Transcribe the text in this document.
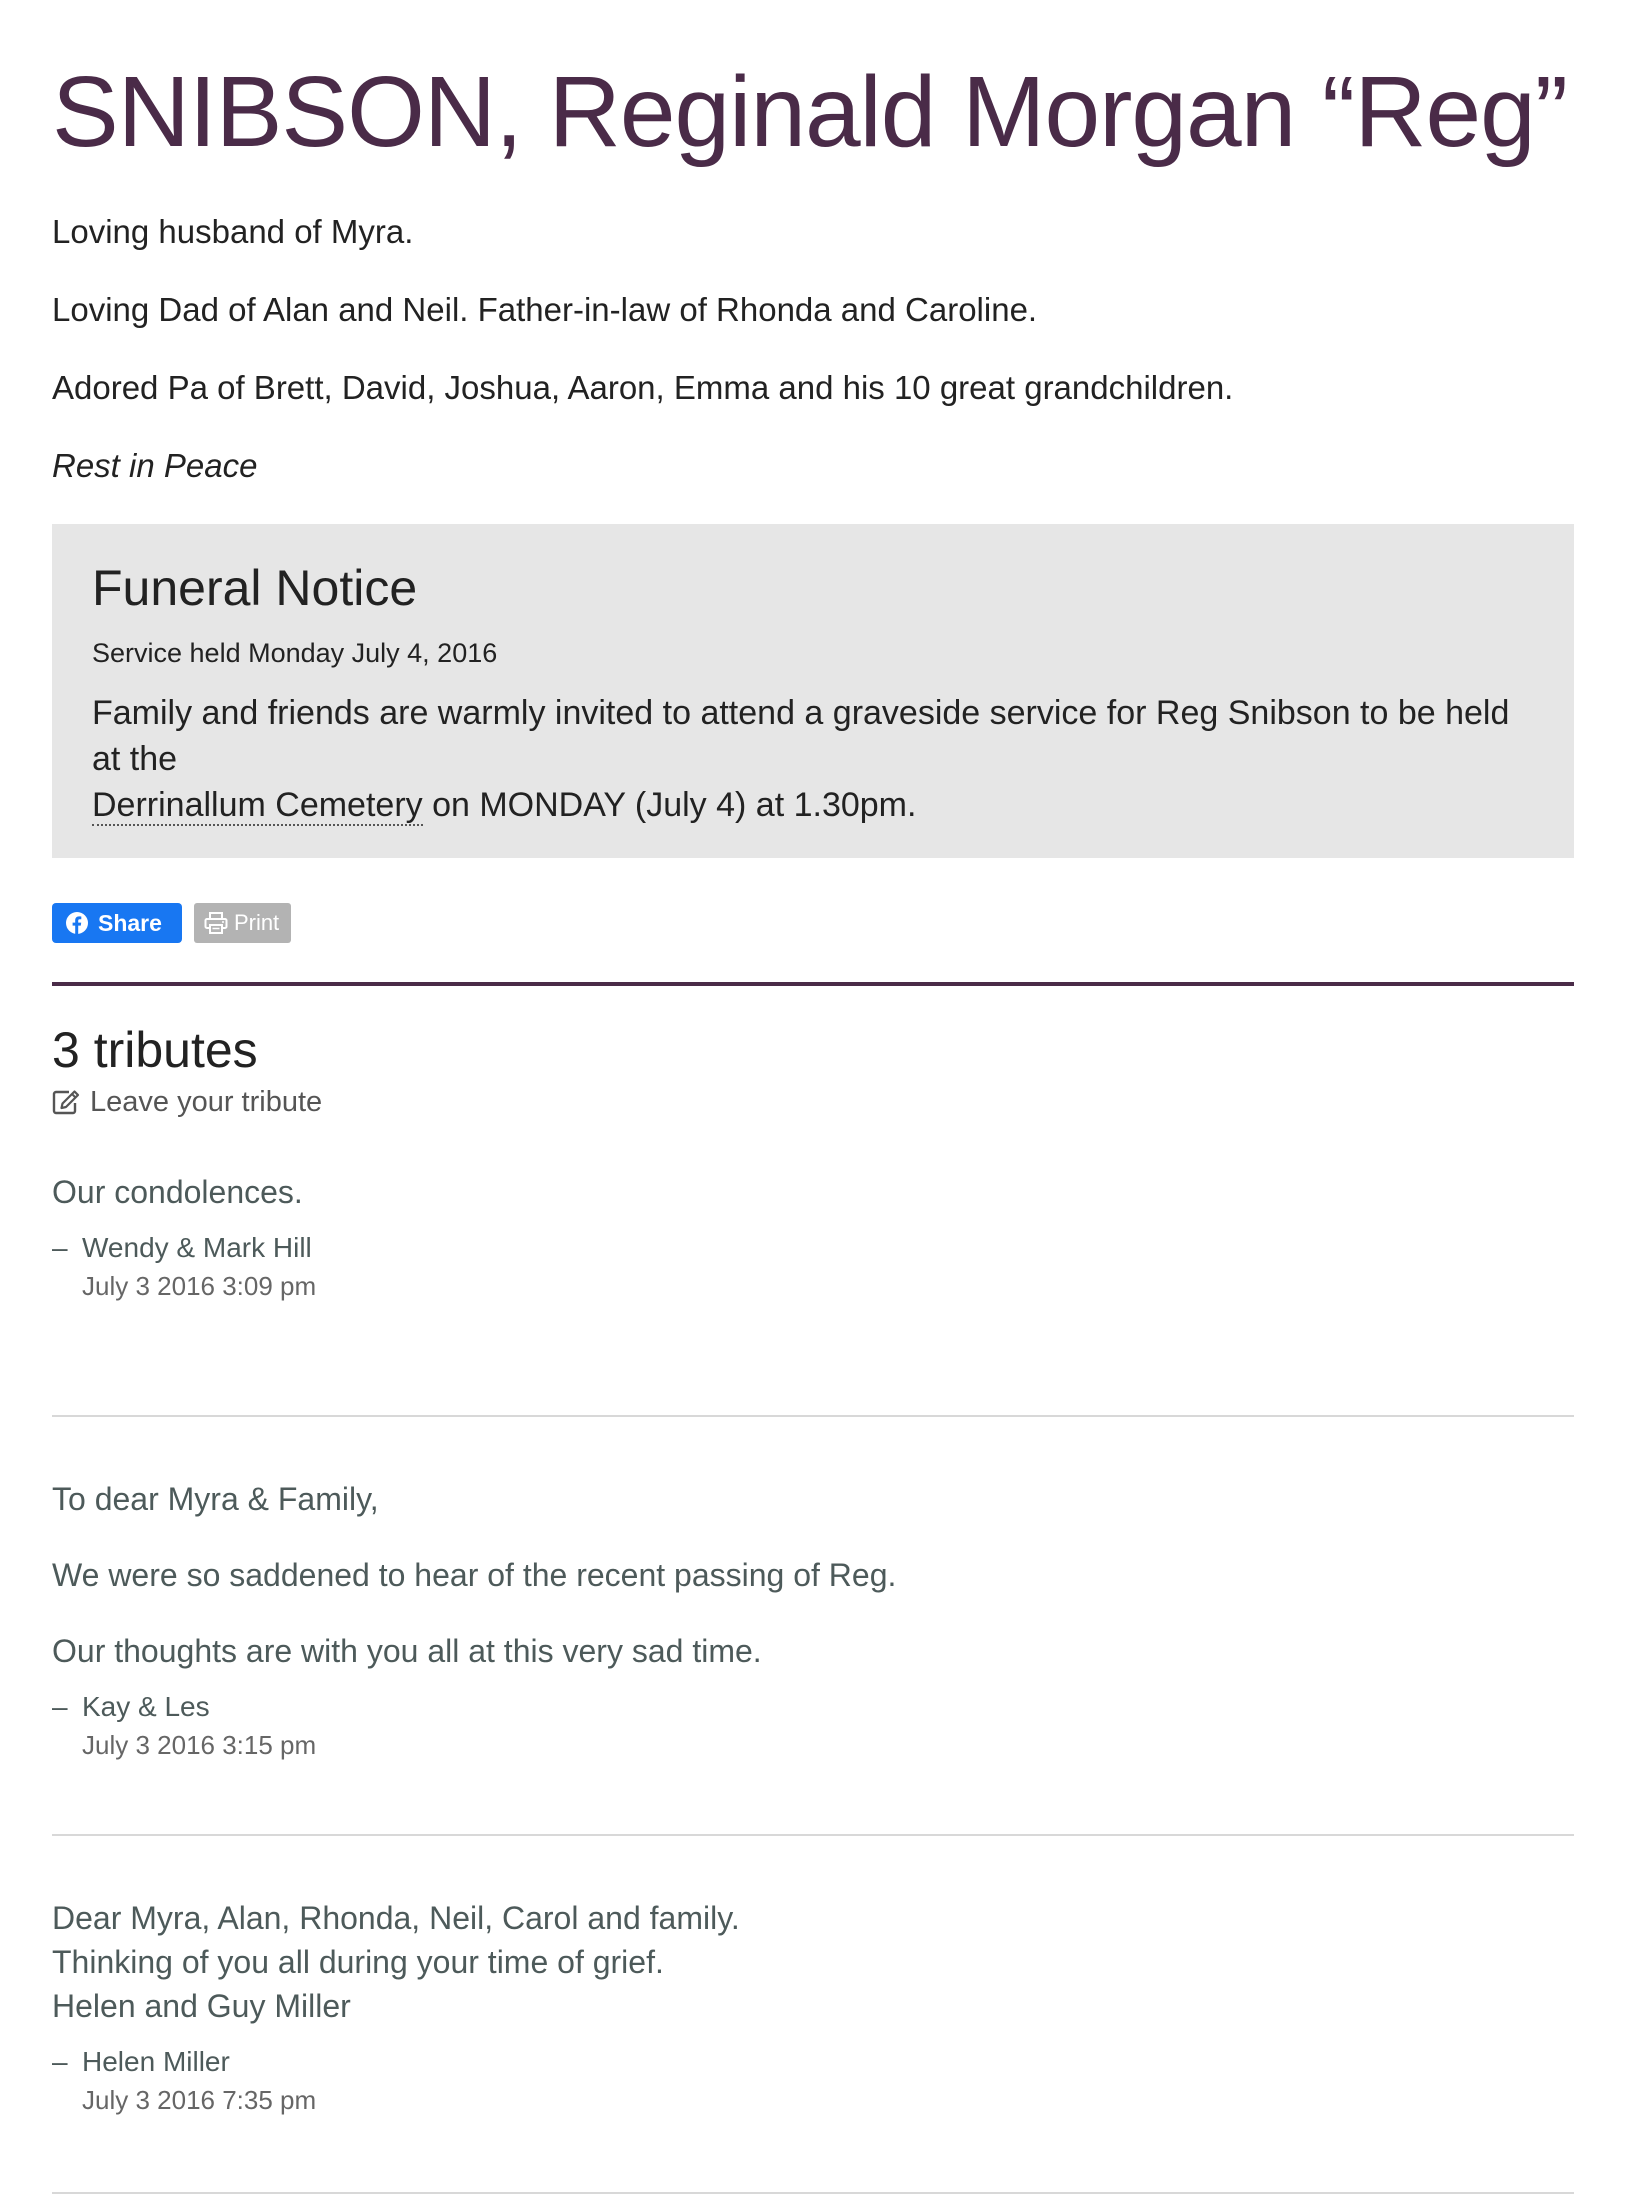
SNIBSON, Reginald Morgan “Reg”

Loving husband of Myra.

Loving Dad of Alan and Neil. Father-in-law of Rhonda and Caroline.

Adored Pa of Brett, David, Joshua, Aaron, Emma and his 10 great grandchildren.

Rest in Peace

Funeral Notice

Service held Monday July 4, 2016

Family and friends are warmly invited to attend a graveside service for Reg Snibson to be held at the
Derrinallum Cemetery on MONDAY (July 4) at 1.30pm.

Share	Print
3 tributes
Leave your tribute

Our condolences.

– Wendy & Mark Hill
July 3 2016 3:09 pm

To dear Myra & Family,

We were so saddened to hear of the recent passing of Reg.

Our thoughts are with you all at this very sad time.

– Kay & Les
July 3 2016 3:15 pm

Dear Myra, Alan, Rhonda, Neil, Carol and family.

Thinking of you all during your time of grief.

Helen and Guy Miller

– Helen Miller
July 3 2016 7:35 pm
